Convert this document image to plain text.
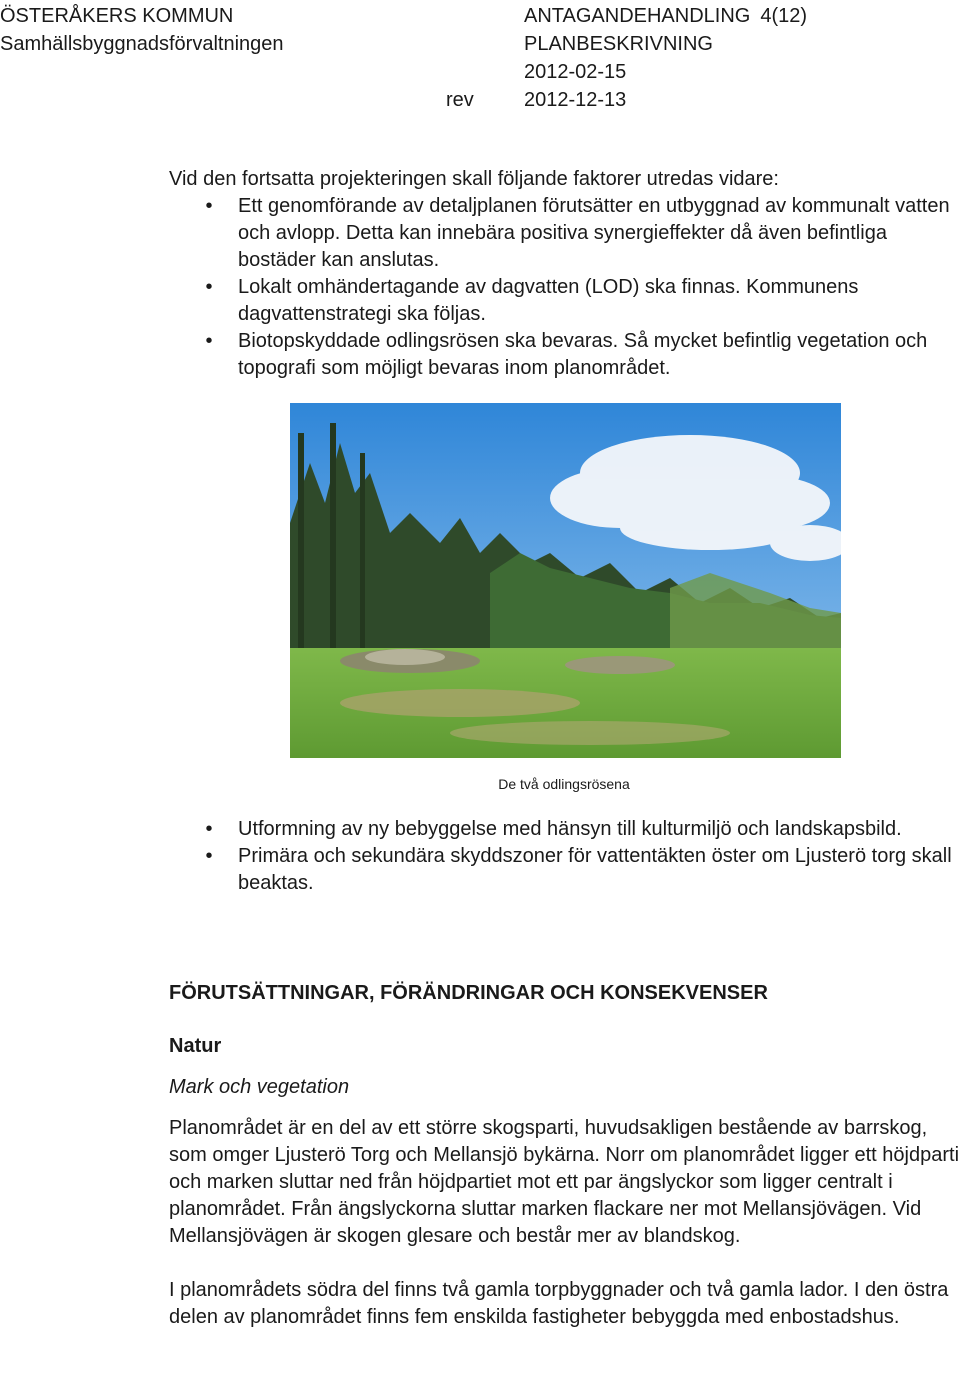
ÖSTERÅKERS KOMMUN
Samhällsbyggnadsförvaltningen
ANTAGANDEHANDLING 4(12)
PLANBESKRIVNING
2012-02-15
rev	2012-12-13

Vid den fortsatta projekteringen skall följande faktorer utredas vidare:

• Ett genomförande av detaljplanen förutsätter en utbyggnad av kommunalt vatten och avlopp. Detta kan innebära positiva synergieffekter då även befintliga bostäder kan anslutas.
• Lokalt omhändertagande av dagvatten (LOD) ska finnas. Kommunens dagvattenstrategi ska följas.
• Biotopskyddade odlingsrösen ska bevaras. Så mycket befintlig vegetation och topografi som möjligt bevaras inom planområdet.
De två odlingsrösena
• Utformning av ny bebyggelse med hänsyn till kulturmiljö och landskapsbild.
• Primära och sekundära skyddszoner för vattentäkten öster om Ljusterö torg skall beaktas.
FÖRUTSÄTTNINGAR, FÖRÄNDRINGAR OCH KONSEKVENSER
Natur
Mark och vegetation

Planområdet är en del av ett större skogsparti, huvudsakligen bestående av barrskog, som omger Ljusterö Torg och Mellansjö bykärna. Norr om planområdet ligger ett höjdparti och marken sluttar ned från höjdpartiet mot ett par ängslyckor som ligger centralt i planområdet. Från ängslyckorna sluttar marken flackare ner mot Mellansjövägen. Vid Mellansjövägen är skogen glesare och består mer av blandskog.

I planområdets södra del finns två gamla torpbyggnader och två gamla lador. I den östra delen av planområdet finns fem enskilda fastigheter bebyggda med enbostadshus.
